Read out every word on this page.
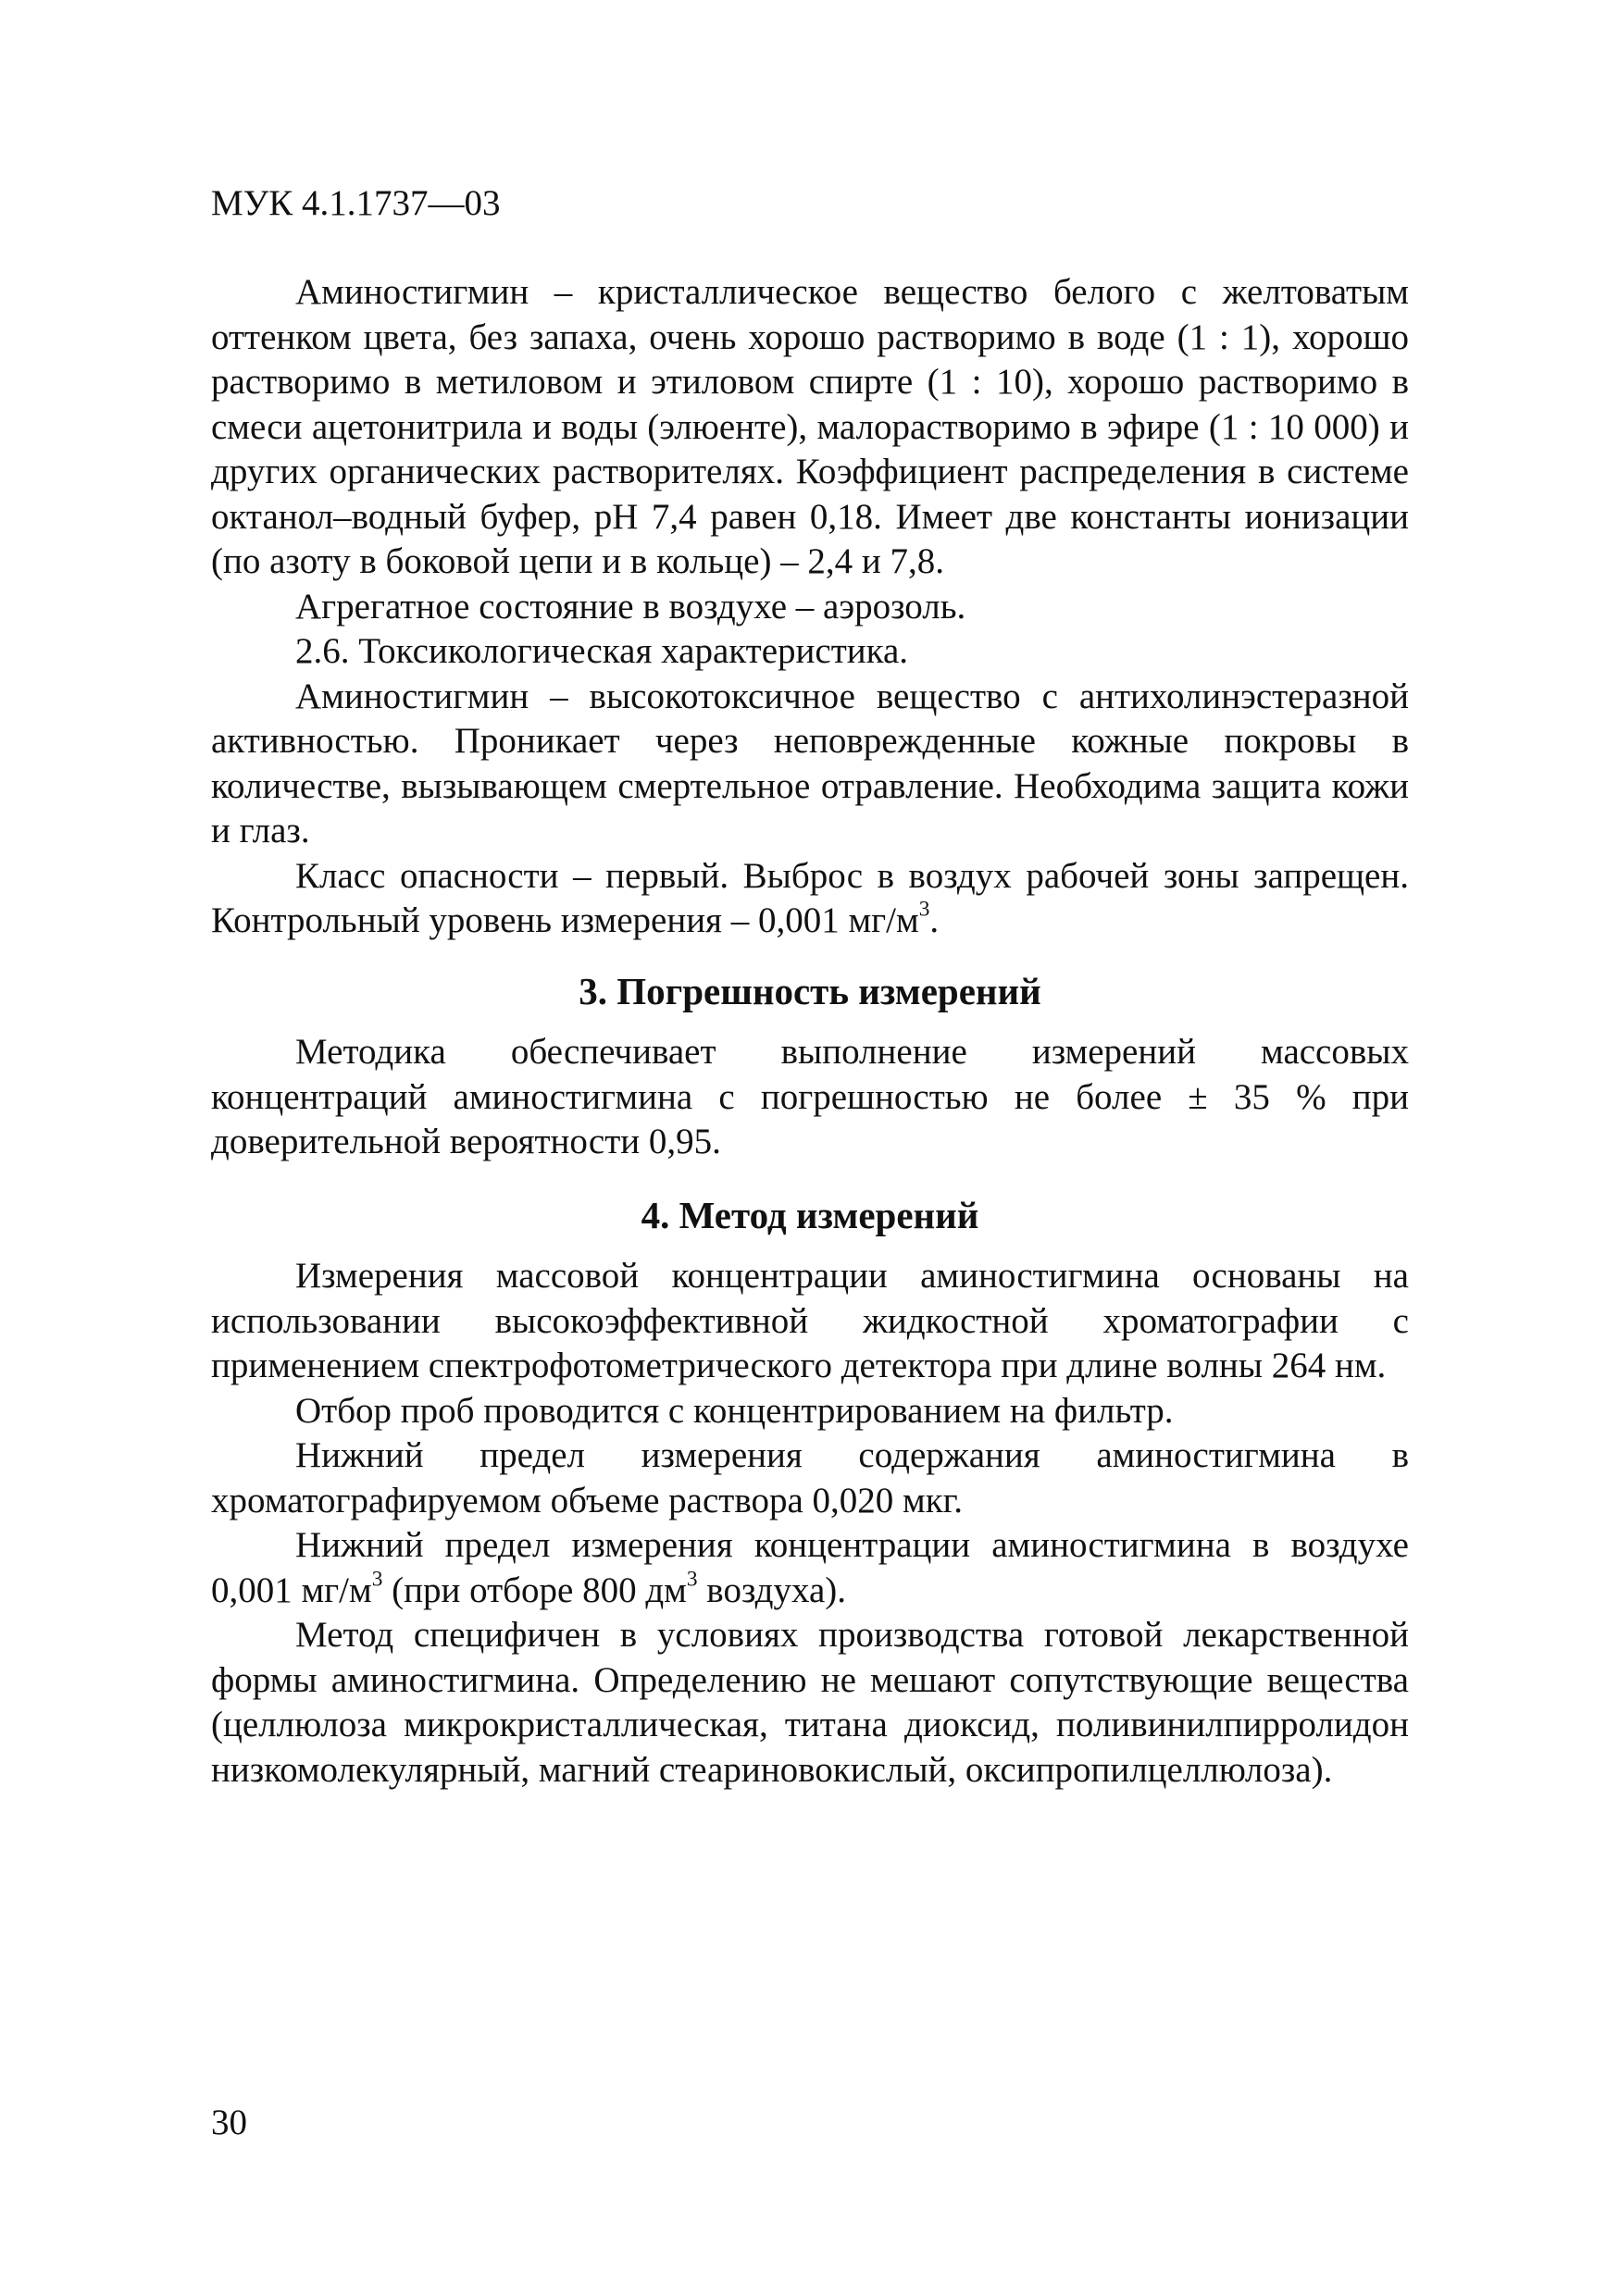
МУК 4.1.1737—03

Аминостигмин – кристаллическое вещество белого с желтоватым оттенком цвета, без запаха, очень хорошо растворимо в воде (1 : 1), хорошо растворимо в метиловом и этиловом спирте (1 : 10), хорошо растворимо в смеси ацетонитрила и воды (элюенте), малорастворимо в эфире (1 : 10 000) и других органических растворителях. Коэффициент распределения в системе октанол–водный буфер, pH 7,4 равен 0,18. Имеет две константы ионизации (по азоту в боковой цепи и в кольце) – 2,4 и 7,8.

Агрегатное состояние в воздухе – аэрозоль.

2.6. Токсикологическая характеристика.

Аминостигмин – высокотоксичное вещество с антихолинэстеразной активностью. Проникает через неповрежденные кожные покровы в количестве, вызывающем смертельное отравление. Необходима защита кожи и глаз.

Класс опасности – первый. Выброс в воздух рабочей зоны запрещен. Контрольный уровень измерения – 0,001 $мг/м^3$.

3. Погрешность измерений

Методика обеспечивает выполнение измерений массовых концентраций аминостигмина с погрешностью не более ± 35 % при доверительной вероятности 0,95.

4. Метод измерений

Измерения массовой концентрации аминостигмина основаны на использовании высокоэффективной жидкостной хроматографии с применением спектрофотометрического детектора при длине волны 264 нм.

Отбор проб проводится с концентрированием на фильтр.

Нижний предел измерения содержания аминостигмина в хроматографируемом объеме раствора 0,020 мкг.

Нижний предел измерения концентрации аминостигмина в воздухе 0,001 $мг/м^3$ (при отборе 800 $дм^3$ воздуха).

Метод специфичен в условиях производства готовой лекарственной формы аминостигмина. Определению не мешают сопутствующие вещества (целлюлоза микрокристаллическая, титана диоксид, поливинилпирролидон низкомолекулярный, магний стеариновокислый, оксипропилцеллюлоза).

30
